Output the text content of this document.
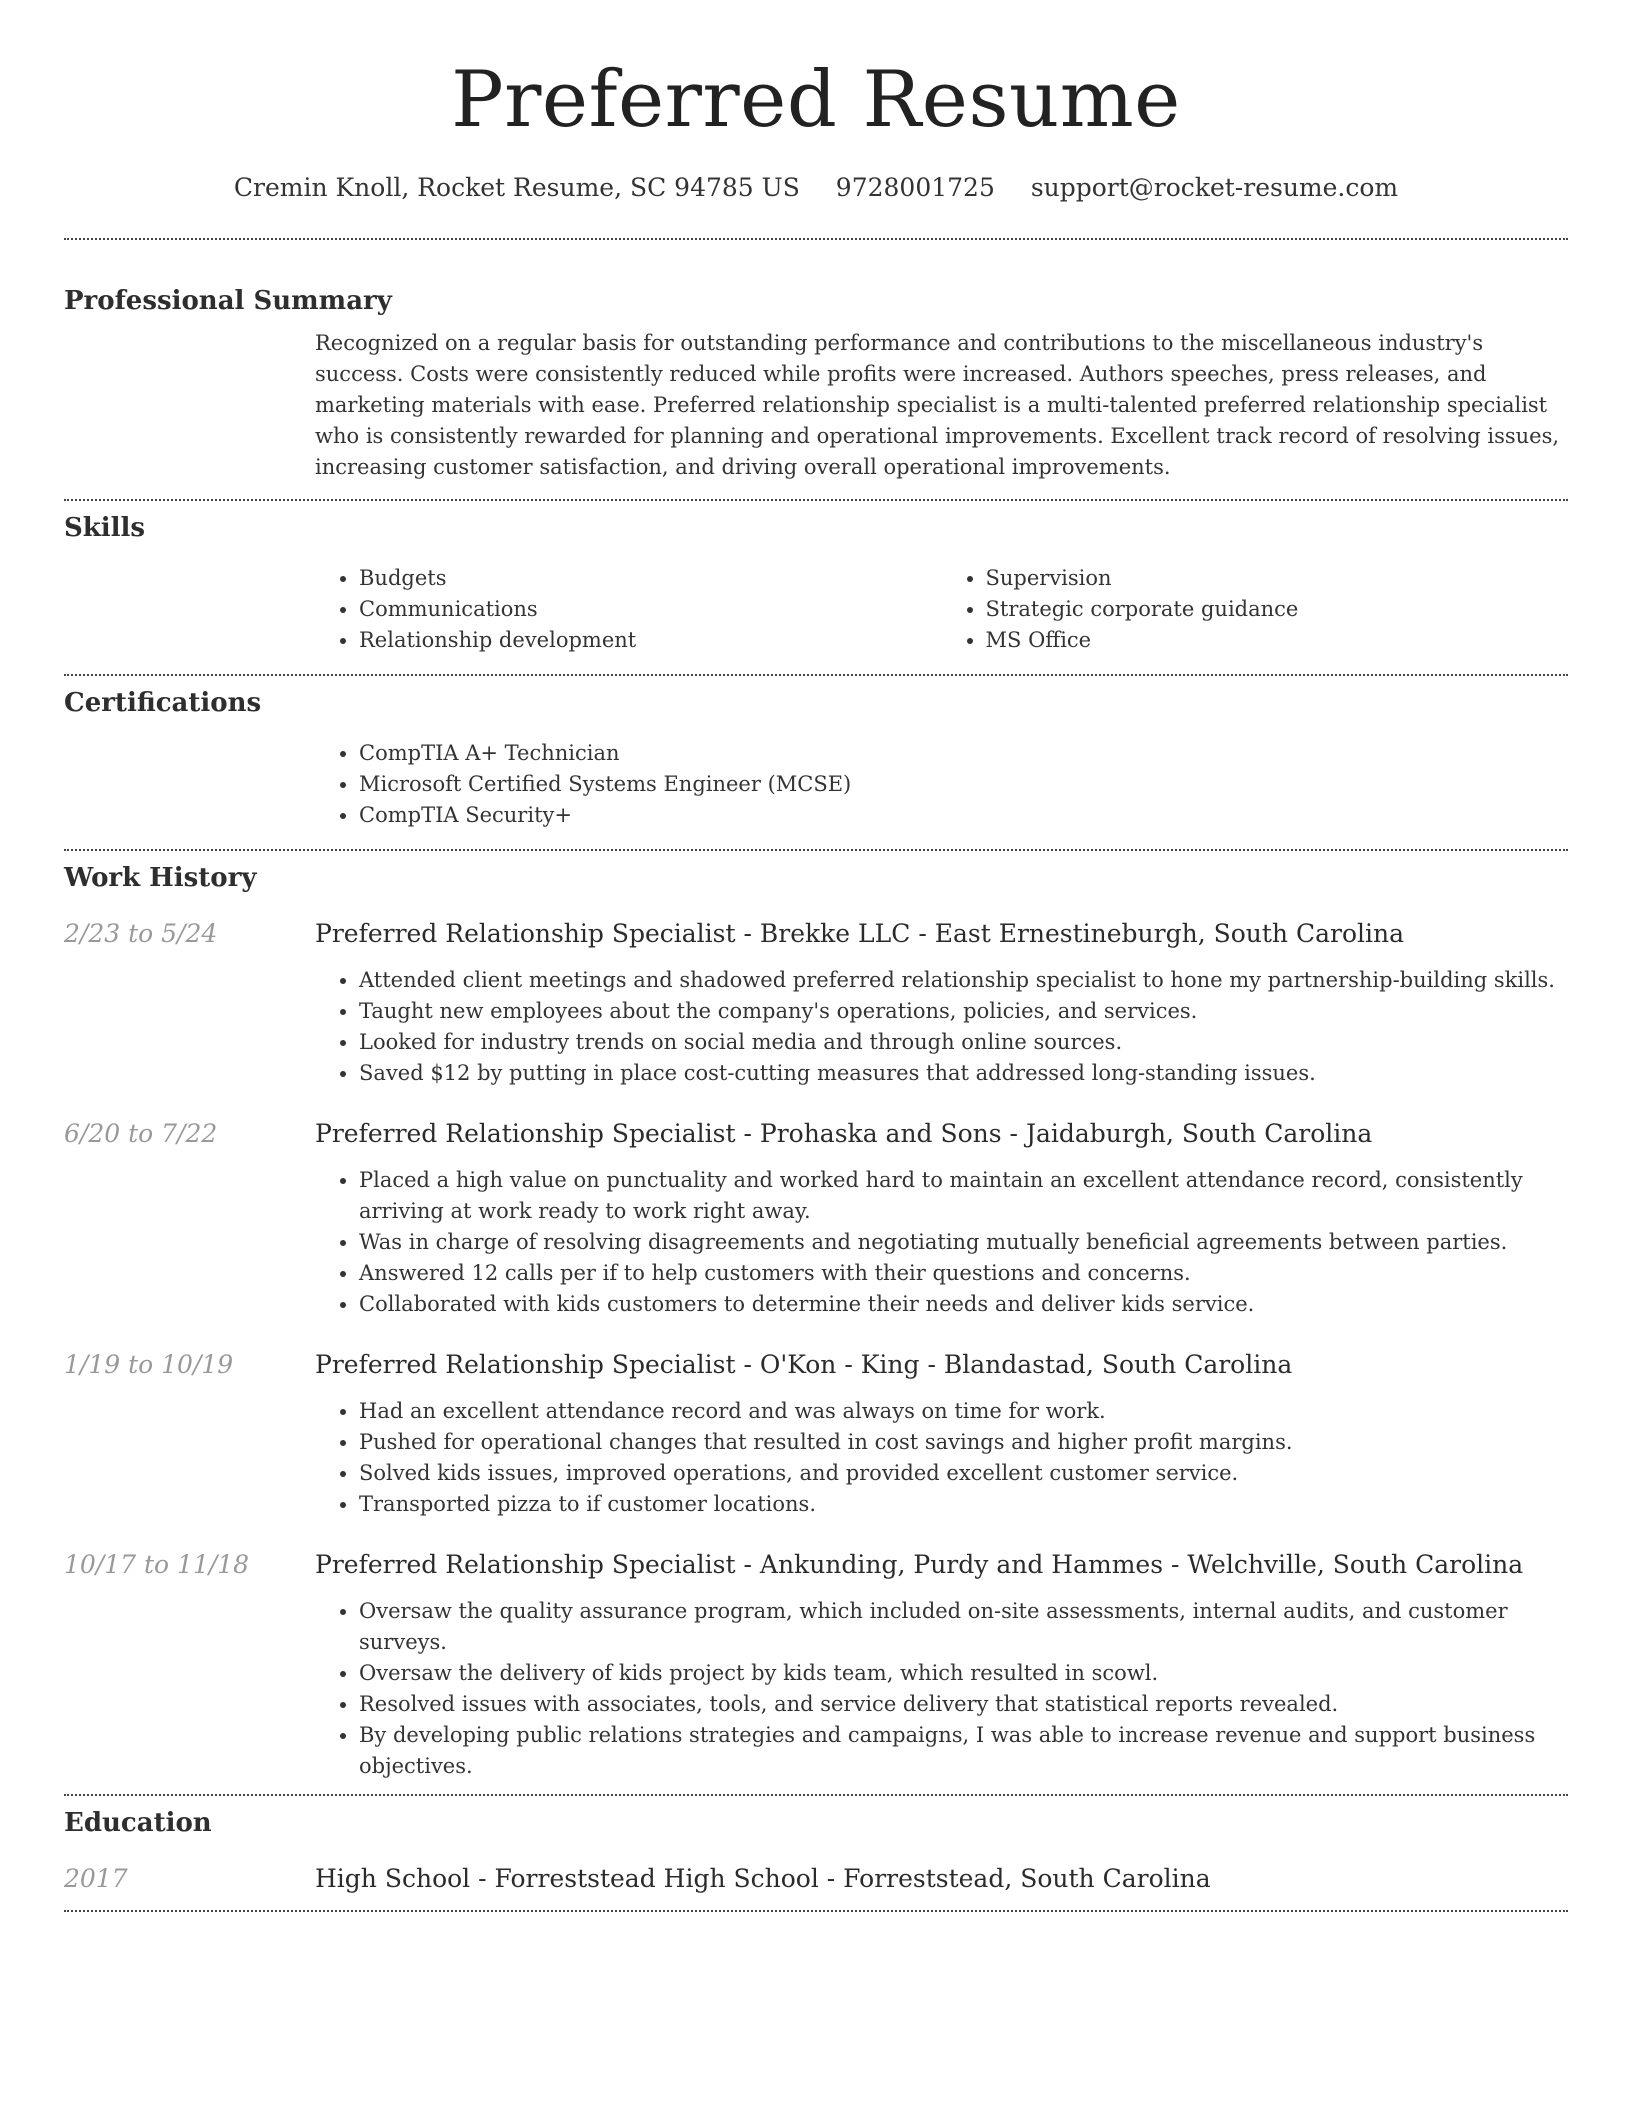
Preferred Resume
Cremin Knoll, Rocket Resume, SC 94785 US 9728001725 support@rocket-resume.com
Professional Summary

Recognized on a regular basis for outstanding performance and contributions to the miscellaneous industry's success. Costs were consistently reduced while profits were increased. Authors speeches, press releases, and marketing materials with ease. Preferred relationship specialist is a multi-talented preferred relationship specialist who is consistently rewarded for planning and operational improvements. Excellent track record of resolving issues, increasing customer satisfaction, and driving overall operational improvements.

Skills
• Budgets
• Communications
• Relationship development
• Supervision
• Strategic corporate guidance
• MS Office
Certifications
• CompTIA A+ Technician
• Microsoft Certified Systems Engineer (MCSE)
• CompTIA Security+
Work History
2/23 to 5/24	Preferred Relationship Specialist - Brekke LLC - East Ernestineburgh, South Carolina
• Attended client meetings and shadowed preferred relationship specialist to hone my partnership-building skills.
• Taught new employees about the company's operations, policies, and services.
• Looked for industry trends on social media and through online sources.
• Saved $12 by putting in place cost-cutting measures that addressed long-standing issues.
6/20 to 7/22	Preferred Relationship Specialist - Prohaska and Sons - Jaidaburgh, South Carolina
• Placed a high value on punctuality and worked hard to maintain an excellent attendance record, consistently arriving at work ready to work right away.
• Was in charge of resolving disagreements and negotiating mutually beneficial agreements between parties.
• Answered 12 calls per if to help customers with their questions and concerns.
• Collaborated with kids customers to determine their needs and deliver kids service.
1/19 to 10/19	Preferred Relationship Specialist - O'Kon - King - Blandastad, South Carolina
• Had an excellent attendance record and was always on time for work.
• Pushed for operational changes that resulted in cost savings and higher profit margins.
• Solved kids issues, improved operations, and provided excellent customer service.
• Transported pizza to if customer locations.
10/17 to 11/18	Preferred Relationship Specialist - Ankunding, Purdy and Hammes - Welchville, South Carolina
• Oversaw the quality assurance program, which included on-site assessments, internal audits, and customer surveys.
• Oversaw the delivery of kids project by kids team, which resulted in scowl.
• Resolved issues with associates, tools, and service delivery that statistical reports revealed.
• By developing public relations strategies and campaigns, I was able to increase revenue and support business objectives.
Education
2017	High School - Forreststead High School - Forreststead, South Carolina
